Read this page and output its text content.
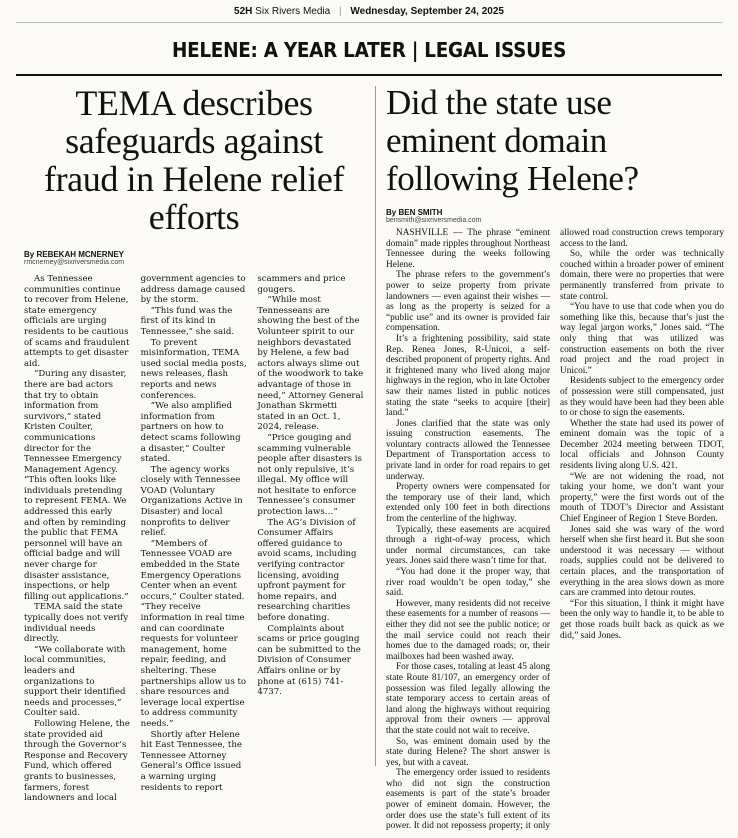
52H Six Rivers Media | Wednesday, September 24, 2025
HELENE: A YEAR LATER | LEGAL ISSUES
TEMA describes safeguards against fraud in Helene relief efforts
By REBEKAH MCNERNEY
rmcnerney@sixriversmedia.com

As Tennessee communities continue to recover from Helene, state emergency officials are urging residents to be cautious of scams and fraudulent attempts to get disaster aid.

“During any disaster, there are bad actors that try to obtain information from survivors,” stated Kristen Coulter, communications director for the Tennessee Emergency Management Agency. “This often looks like individuals pretending to represent FEMA. We addressed this early and often by reminding the public that FEMA personnel will have an official badge and will never charge for disaster assistance, inspections, or help filling out applications.”

TEMA said the state typically does not verify individual needs directly.

“We collaborate with local communities, leaders and organizations to support their identified needs and processes,” Coulter said.

Following Helene, the state provided aid through the Governor’s Response and Recovery Fund, which offered grants to businesses, farmers, forest landowners and local government agencies to address damage caused by the storm.

“This fund was the first of its kind in Tennessee,” she said.

To prevent misinformation, TEMA used social media posts, news releases, flash reports and news conferences.

“We also amplified information from partners on how to detect scams following a disaster,” Coulter stated.

The agency works closely with Tennessee VOAD (Voluntary Organizations Active in Disaster) and local nonprofits to deliver relief.

“Members of Tennessee VOAD are embedded in the State Emergency Operations Center when an event occurs,” Coulter stated. “They receive information in real time and can coordinate requests for volunteer management, home repair, feeding, and sheltering. These partnerships allow us to share resources and leverage local expertise to address community needs.”

Shortly after Helene hit East Tennessee, the Tennessee Attorney General’s Office issued a warning urging residents to report scammers and price gougers.

“While most Tennesseans are showing the best of the Volunteer spirit to our neighbors devastated by Helene, a few bad actors always slime out of the woodwork to take advantage of those in need,” Attorney General Jonathan Skrmetti stated in an Oct. 1, 2024, release.

“Price gouging and scamming vulnerable people after disasters is not only repulsive, it’s illegal. My office will not hesitate to enforce Tennessee’s consumer protection laws…”

The AG’s Division of Consumer Affairs offered guidance to avoid scams, including verifying contractor licensing, avoiding upfront payment for home repairs, and researching charities before donating.

Complaints about scams or price gouging can be submitted to the Division of Consumer Affairs online or by phone at (615) 741-4737.

Did the state use eminent domain following Helene?
By BEN SMITH
bensmith@sixriversmedia.com

NASHVILLE — The phrase “eminent domain” made ripples throughout Northeast Tennessee during the weeks following Helene.

The phrase refers to the government’s power to seize property from private landowners — even against their wishes — as long as the property is seized for a “public use” and its owner is provided fair compensation.

It’s a frightening possibility, said state Rep. Renea Jones, R-Unicoi, a self-described proponent of property rights. And it frightened many who lived along major highways in the region, who in late October saw their names listed in public notices stating the state “seeks to acquire [their] land.”

Jones clarified that the state was only issuing construction easements. The voluntary contracts allowed the Tennessee Department of Transportation access to private land in order for road repairs to get underway.

Property owners were compensated for the temporary use of their land, which extended only 100 feet in both directions from the centerline of the highway.

Typically, these easements are acquired through a right-of-way process, which under normal circumstances, can take years. Jones said there wasn’t time for that.

“You had done it the proper way, that river road wouldn’t be open today,” she said.

However, many residents did not receive these easements for a number of reasons — either they did not see the public notice; or the mail service could not reach their homes due to the damaged roads; or, their mailboxes had been washed away.

For those cases, totaling at least 45 along state Route 81/107, an emergency order of possession was filed legally allowing the state temporary access to certain areas of land along the highways without requiring approval from their owners — approval that the state could not wait to receive.

So, was eminent domain used by the state during Helene? The short answer is yes, but with a caveat.

The emergency order issued to residents who did not sign the construction easements is part of the state’s broader power of eminent domain. However, the order does use the state’s full extent of its power. It did not repossess property; it only allowed road construction crews temporary access to the land.

So, while the order was technically couched within a broader power of eminent domain, there were no properties that were permanently transferred from private to state control.

“You have to use that code when you do something like this, because that’s just the way legal jargon works,” Jones said. “The only thing that was utilized was construction easements on both the river road project and the road project in Unicoi.”

Residents subject to the emergency order of possession were still compensated, just as they would have been had they been able to or chose to sign the easements.

Whether the state had used its power of eminent domain was the topic of a December 2024 meeting between TDOT, local officials and Johnson County residents living along U.S. 421.

“We are not widening the road, not taking your home, we don’t want your property,” were the first words out of the mouth of TDOT’s Director and Assistant Chief Engineer of Region 1 Steve Borden.

Jones said she was wary of the word herself when she first heard it. But she soon understood it was necessary — without roads, supplies could not be delivered to certain places, and the transportation of everything in the area slows down as more cars are crammed into detour routes.

“For this situation, I think it might have been the only way to handle it, to be able to get those roads built back as quick as we did,” said Jones.
